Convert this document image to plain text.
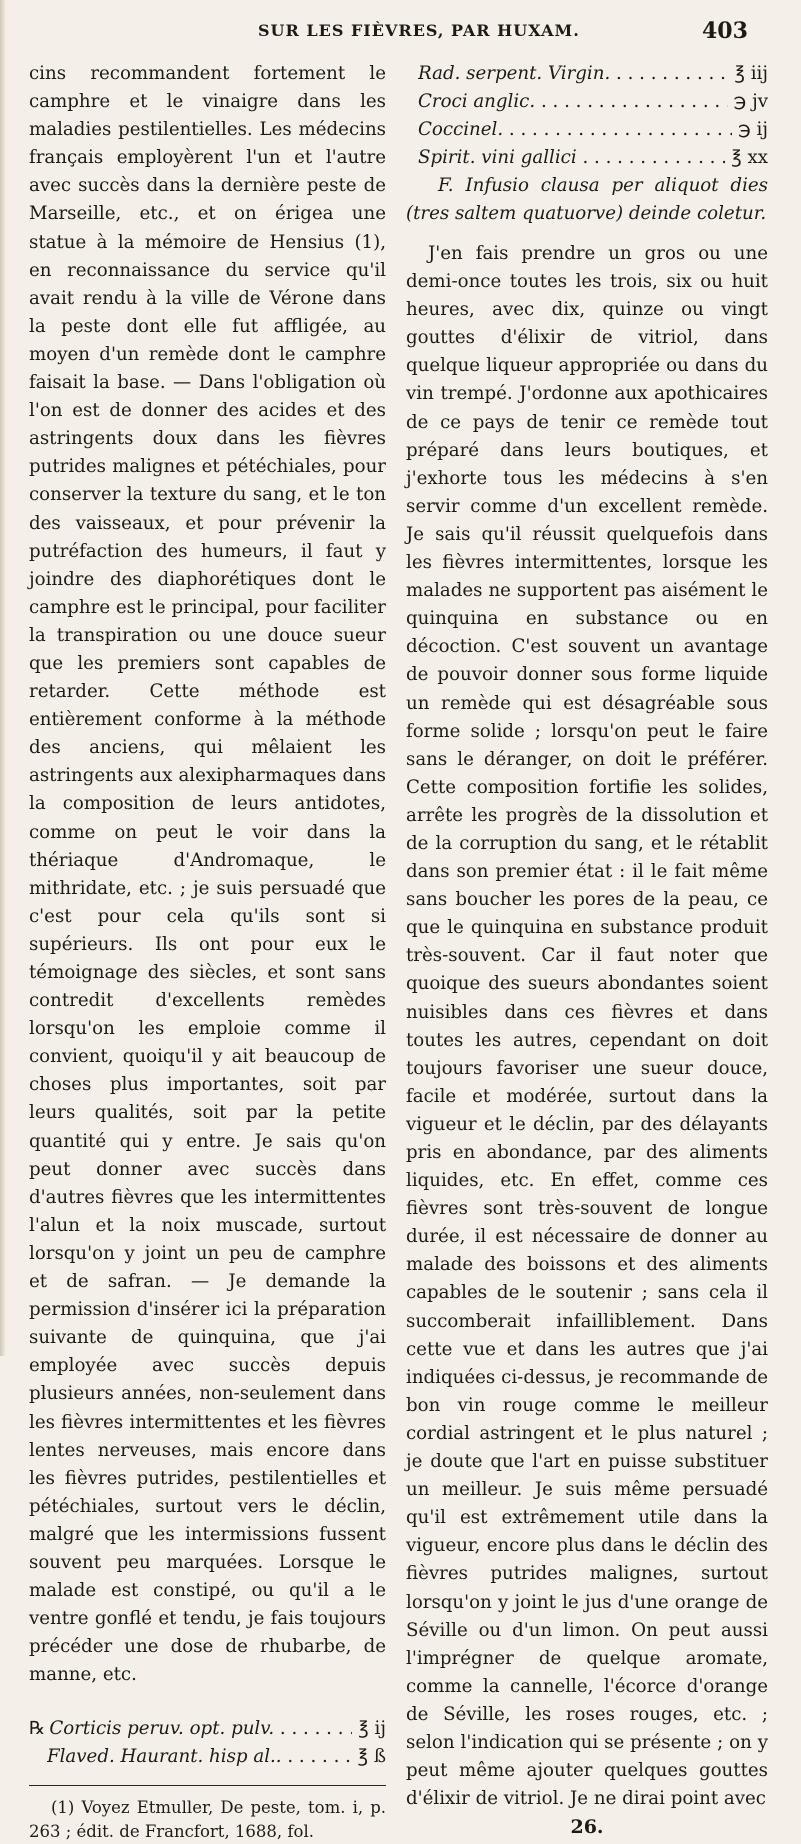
SUR LES FIÈVRES, PAR HUXAM.	403

cins recommandent fortement le camphre et le vinaigre dans les maladies pestilentielles. Les médecins français employèrent l'un et l'autre avec succès dans la dernière peste de Marseille, etc., et on érigea une statue à la mémoire de Hensius (1), en reconnaissance du service qu'il avait rendu à la ville de Vérone dans la peste dont elle fut affligée, au moyen d'un remède dont le camphre faisait la base. — Dans l'obligation où l'on est de donner des acides et des astringents doux dans les fièvres putrides malignes et pétéchiales, pour conserver la texture du sang, et le ton des vaisseaux, et pour prévenir la putréfaction des humeurs, il faut y joindre des diaphorétiques dont le camphre est le principal, pour faciliter la transpiration ou une douce sueur que les premiers sont capables de retarder. Cette méthode est entièrement conforme à la méthode des anciens, qui mêlaient les astringents aux alexipharmaques dans la composition de leurs antidotes, comme on peut le voir dans la thériaque d'Andromaque, le mithridate, etc. ; je suis persuadé que c'est pour cela qu'ils sont si supérieurs. Ils ont pour eux le témoignage des siècles, et sont sans contredit d'excellents remèdes lorsqu'on les emploie comme il convient, quoiqu'il y ait beaucoup de choses plus importantes, soit par leurs qualités, soit par la petite quantité qui y entre. Je sais qu'on peut donner avec succès dans d'autres fièvres que les intermittentes l'alun et la noix muscade, surtout lorsqu'on y joint un peu de camphre et de safran. — Je demande la permission d'insérer ici la préparation suivante de quinquina, que j'ai employée avec succès depuis plusieurs années, non-seulement dans les fièvres intermittentes et les fièvres lentes nerveuses, mais encore dans les fièvres putrides, pestilentielles et pétéchiales, surtout vers le déclin, malgré que les intermissions fussent souvent peu marquées. Lorsque le malade est constipé, ou qu'il a le ventre gonflé et tendu, je fais toujours précéder une dose de rhubarbe, de manne, etc.

℞ Corticis peruv. opt. pulv. . . .	℥ ij
Flaved. Haurant. hisp al.. . . .	℥ ß

(1) Voyez Etmuller, De peste, tom. i, p. 263 ; édit. de Francfort, 1688, fol.

Rad. serpent. Virgin. . . .	℥ iij
Croci anglic. . . .	℈ jv
Coccinel. . . .	℈ ij
Spirit. vini gallici . . .	℥ xx

F. Infusio clausa per aliquot dies (tres saltem quatuorve) deinde coletur.

J'en fais prendre un gros ou une demi-once toutes les trois, six ou huit heures, avec dix, quinze ou vingt gouttes d'élixir de vitriol, dans quelque liqueur appropriée ou dans du vin trempé. J'ordonne aux apothicaires de ce pays de tenir ce remède tout préparé dans leurs boutiques, et j'exhorte tous les médecins à s'en servir comme d'un excellent remède. Je sais qu'il réussit quelquefois dans les fièvres intermittentes, lorsque les malades ne supportent pas aisément le quinquina en substance ou en décoction. C'est souvent un avantage de pouvoir donner sous forme liquide un remède qui est désagréable sous forme solide ; lorsqu'on peut le faire sans le déranger, on doit le préférer. Cette composition fortifie les solides, arrête les progrès de la dissolution et de la corruption du sang, et le rétablit dans son premier état : il le fait même sans boucher les pores de la peau, ce que le quinquina en substance produit très-souvent. Car il faut noter que quoique des sueurs abondantes soient nuisibles dans ces fièvres et dans toutes les autres, cependant on doit toujours favoriser une sueur douce, facile et modérée, surtout dans la vigueur et le déclin, par des délayants pris en abondance, par des aliments liquides, etc. En effet, comme ces fièvres sont très-souvent de longue durée, il est nécessaire de donner au malade des boissons et des aliments capables de le soutenir ; sans cela il succomberait infailliblement. Dans cette vue et dans les autres que j'ai indiquées ci-dessus, je recommande de bon vin rouge comme le meilleur cordial astringent et le plus naturel ; je doute que l'art en puisse substituer un meilleur. Je suis même persuadé qu'il est extrêmement utile dans la vigueur, encore plus dans le déclin des fièvres putrides malignes, surtout lorsqu'on y joint le jus d'une orange de Séville ou d'un limon. On peut aussi l'imprégner de quelque aromate, comme la cannelle, l'écorce d'orange de Séville, les roses rouges, etc. ; selon l'indication qui se présente ; on y peut même ajouter quelques gouttes d'élixir de vitriol. Je ne dirai point avec

26.
